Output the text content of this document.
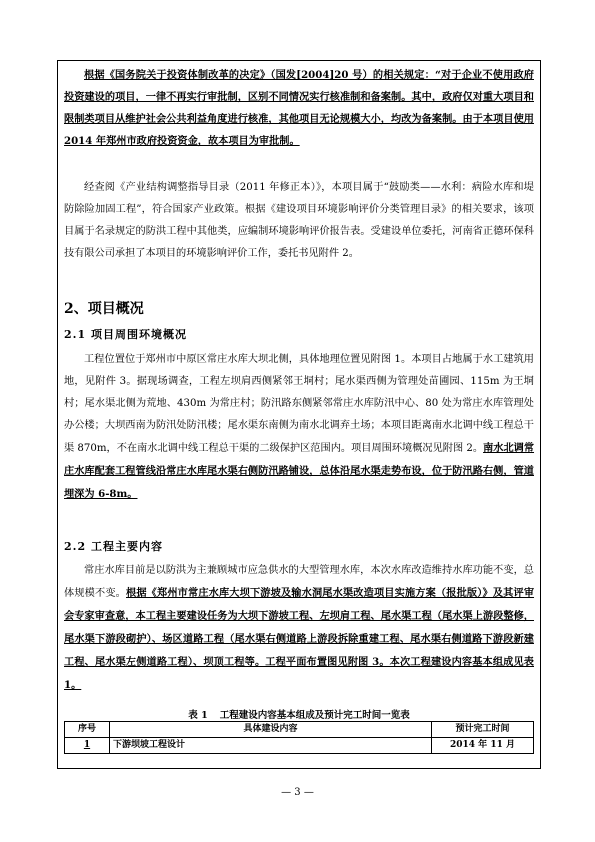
根据《国务院关于投资体制改革的决定》（国发[2004]20 号）的相关规定：“对于企业不使用政府投资建设的项目，一律不再实行审批制，区别不同情况实行核准制和备案制。其中，政府仅对重大项目和限制类项目从维护社会公共利益角度进行核准，其他项目无论规模大小，均改为备案制。由于本项目使用 2014 年郑州市政府投资资金，故本项目为审批制。

经查阅《产业结构调整指导目录（2011 年修正本）》，本项目属于“鼓励类——水利：病险水库和堤防除险加固工程”，符合国家产业政策。根据《建设项目环境影响评价分类管理目录》的相关要求，该项目属于名录规定的防洪工程中其他类，应编制环境影响评价报告表。受建设单位委托，河南省正德环保科技有限公司承担了本项目的环境影响评价工作，委托书见附件 2。

2、项目概况

2.1 项目周围环境概况

工程位置位于郑州市中原区常庄水库大坝北侧，具体地理位置见附图 1。本项目占地属于水工建筑用地，见附件 3。据现场调查，工程左坝肩西侧紧邻王垌村；尾水渠西侧为管理处苗圃园、115m 为王垌村；尾水渠北侧为荒地、430m 为常庄村；防汛路东侧紧邻常庄水库防汛中心、80 处为常庄水库管理处办公楼；大坝西南为防汛处防汛楼；尾水渠东南侧为南水北调弃土场；本项目距离南水北调中线工程总干渠 870m，不在南水北调中线工程总干渠的二级保护区范围内。项目周围环境概况见附图 2。南水北调常庄水库配套工程管线沿常庄水库尾水渠右侧防汛路铺设，总体沿尾水渠走势布设，位于防汛路右侧，管道埋深为 6-8m。

2.2 工程主要内容

常庄水库目前是以防洪为主兼顾城市应急供水的大型管理水库，本次水库改造维持水库功能不变，总体规模不变。根据《郑州市常庄水库大坝下游坡及输水洞尾水渠改造项目实施方案（报批版）》及其评审会专家审查意，本工程主要建设任务为大坝下游坡工程、左坝肩工程、尾水渠工程（尾水渠上游段整修，尾水渠下游段砌护）、场区道路工程（尾水渠右侧道路上游段拆除重建工程、尾水渠右侧道路下游段新建工程、尾水渠左侧道路工程）、坝顶工程等。工程平面布置图见附图 3。本次工程建设内容基本组成见表 1。

表 1 工程建设内容基本组成及预计完工时间一览表

序号	具体建设内容	预计完工时间
1	下游坝坡工程设计	2014 年 11 月

— 3 —
